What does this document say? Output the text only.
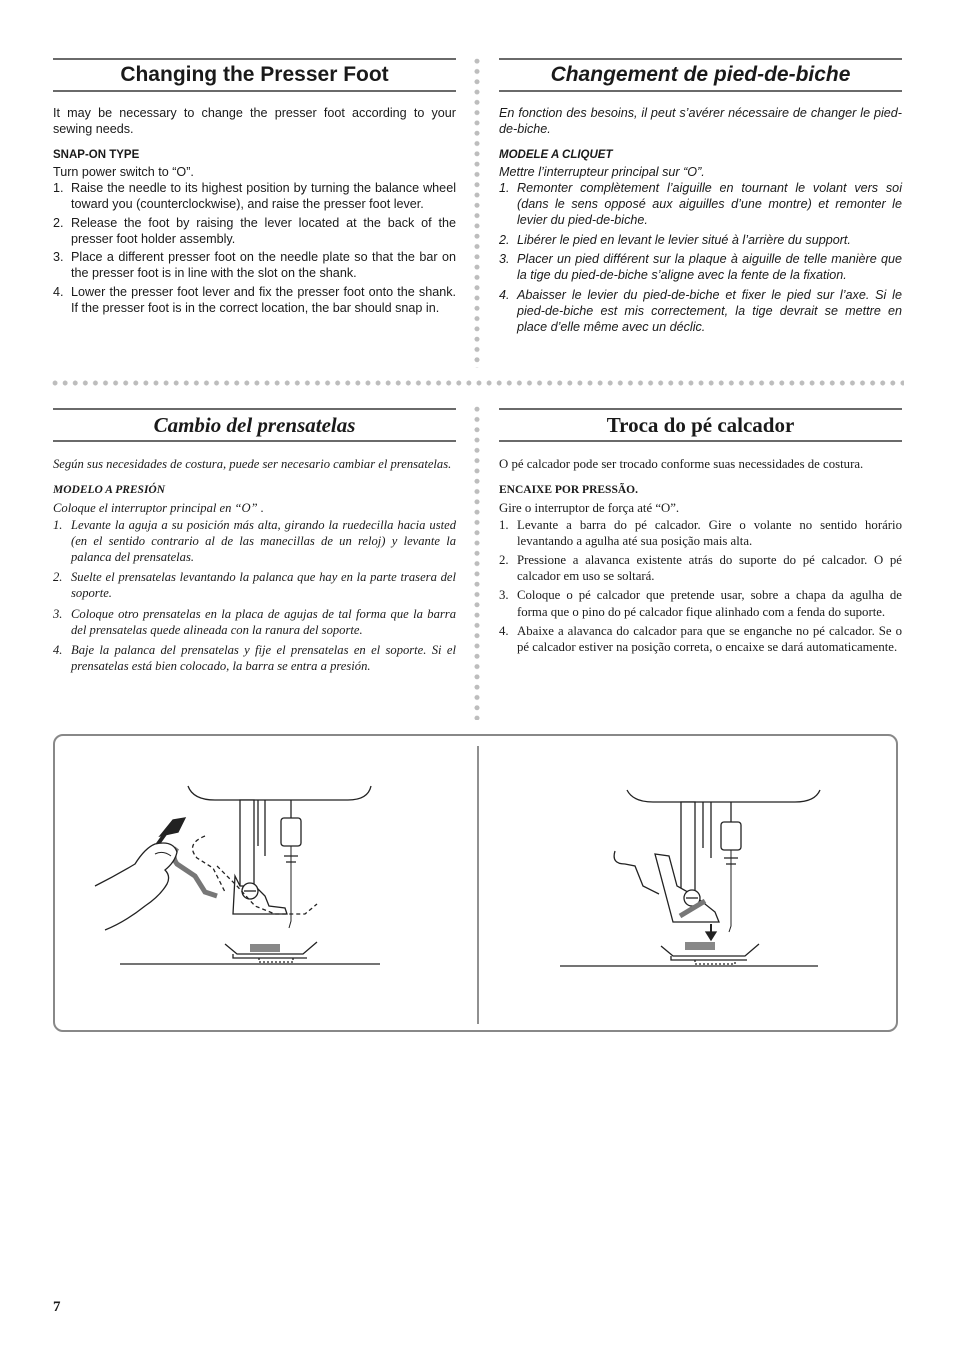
Changing the Presser Foot

It may be necessary to change the presser foot according to your sewing needs.

SNAP-ON TYPE

Turn power switch to “O”.

1. Raise the needle to its highest position by turning the balance wheel toward you (counterclockwise), and raise the presser foot lever.
2. Release the foot by raising the lever located at the back of the presser foot holder assembly.
3. Place a different presser foot on the needle plate so that the bar on the presser foot is in line with the slot on the shank.
4. Lower the presser foot lever and fix the presser foot onto the shank. If the presser foot is in the correct location, the bar should snap in.
Changement de pied-de-biche

En fonction des besoins, il peut s’avérer nécessaire de changer le pied-de-biche.

MODELE A CLIQUET

Mettre l’interrupteur principal sur “O”.

1. Remonter complètement l’aiguille en tournant le volant vers soi (dans le sens opposé aux aiguilles d’une montre) et remonter le levier du pied-de-biche.
2. Libérer le pied en levant le levier situé à l’arrière du support.
3. Placer un pied différent sur la plaque à aiguille de telle manière que la tige du pied-de-biche s’aligne avec la fente de la fixation.
4. Abaisser le levier du pied-de-biche et fixer le pied sur l’axe. Si le pied-de-biche est mis correctement, la tige devrait se mettre en place d’elle même avec un déclic.
Cambio del prensatelas

Según sus necesidades de costura, puede ser necesario cambiar el prensatelas.

MODELO A PRESIÓN

Coloque el interruptor principal en “O” .

1. Levante la aguja a su posición más alta, girando la ruedecilla hacia usted (en el sentido contrario al de las manecillas de un reloj) y levante la palanca del prensatelas.
2. Suelte el prensatelas levantando la palanca que hay en la parte trasera del soporte.
3. Coloque otro prensatelas en la placa de agujas de tal forma que la barra del prensatelas quede alineada con la ranura del soporte.
4. Baje la palanca del prensatelas y fije el prensatelas en el soporte. Si el prensatelas está bien colocado, la barra se entra a presión.
Troca do pé calcador

O pé calcador pode ser trocado conforme suas necessidades de costura.

ENCAIXE POR PRESSÃO.

Gire o interruptor de força até “O”.

1. Levante a barra do pé calcador. Gire o volante no sentido horário levantando a agulha até sua posição mais alta.
2. Pressione a alavanca existente atrás do suporte do pé calcador. O pé calcador em uso se soltará.
3. Coloque o pé calcador que pretende usar, sobre a chapa da agulha de forma que o pino do pé calcador fique alinhado com a fenda do suporte.
4. Abaixe a alavanca do calcador para que se enganche no pé calcador. Se o pé calcador estiver na posição correta, o encaixe se dará automaticamente.
7
